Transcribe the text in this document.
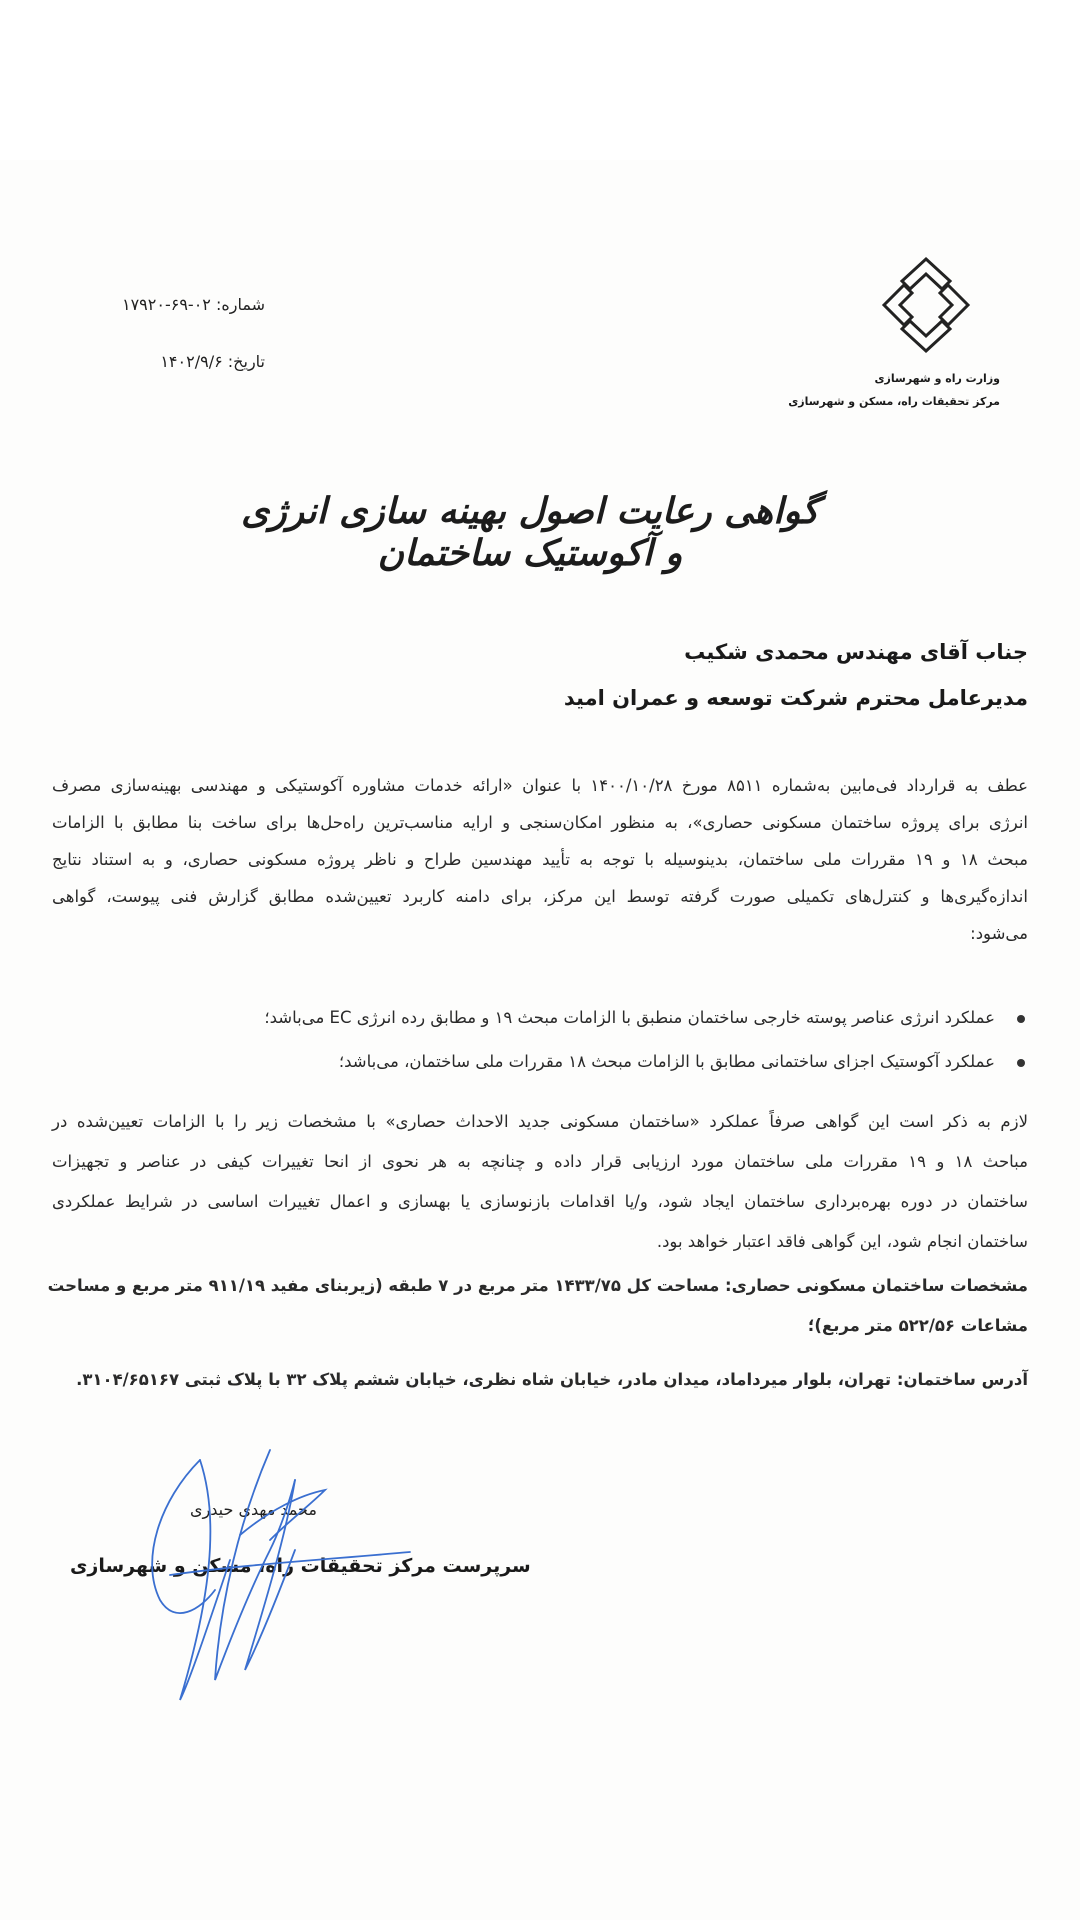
وزارت راه و شهرسازی
مرکز تحقیقات راه، مسکن و شهرسازی
شماره: ۰۲-۶۹-۱۷۹۲۰
تاریخ: ۱۴۰۲/۹/۶
گواهی رعایت اصول بهینه سازی انرژی و آکوستیک ساختمان
جناب آقای مهندس محمدی شکیب
مدیرعامل محترم شرکت توسعه و عمران امید
عطف به قرارداد فی‌مابین به‌شماره ۸۵۱۱ مورخ ۱۴۰۰/۱۰/۲۸ با عنوان «ارائه خدمات مشاوره آکوستیکی و مهندسی بهینه‌سازی مصرف
انرژی برای پروژه ساختمان مسکونی حصاری»، به منظور امکان‌سنجی و ارایه مناسب‌ترین راه‌حل‌ها برای ساخت بنا مطابق با الزامات
مبحث ۱۸ و ۱۹ مقررات ملی ساختمان، بدینوسیله با توجه به تأیید مهندسین طراح و ناظر پروژه مسکونی حصاری، و به استناد نتایج
اندازه‌گیری‌ها و کنترل‌های تکمیلی صورت گرفته توسط این مرکز، برای دامنه کاربرد تعیین‌شده مطابق گزارش فنی پیوست، گواهی
می‌شود:
عملکرد انرژی عناصر پوسته خارجی ساختمان منطبق با الزامات مبحث ۱۹ و مطابق رده انرژی EC می‌باشد؛
عملکرد آکوستیک اجزای ساختمانی مطابق با الزامات مبحث ۱۸ مقررات ملی ساختمان، می‌باشد؛
لازم به ذکر است این گواهی صرفاً عملکرد «ساختمان مسکونی جدید الاحداث حصاری» با مشخصات زیر را با الزامات تعیین‌شده در
مباحث ۱۸ و ۱۹ مقررات ملی ساختمان مورد ارزیابی قرار داده و چنانچه به هر نحوی از انحا تغییرات کیفی در عناصر و تجهیزات
ساختمان در دوره بهره‌برداری ساختمان ایجاد شود، و/یا اقدامات بازنوسازی یا بهسازی و اعمال تغییرات اساسی در شرایط عملکردی
ساختمان انجام شود، این گواهی فاقد اعتبار خواهد بود.
مشخصات ساختمان مسکونی حصاری: مساحت کل ۱۴۳۳/۷۵ متر مربع در ۷ طبقه (زیربنای مفید ۹۱۱/۱۹ متر مربع و مساحت
مشاعات ۵۲۲/۵۶ متر مربع)؛
آدرس ساختمان: تهران، بلوار میرداماد، میدان مادر، خیابان شاه نظری، خیابان ششم پلاک ۳۲ با پلاک ثبتی ۳۱۰۴/۶۵۱۶۷.
محمد مهدی حیدری
سرپرست مرکز تحقیقات راه، مسکن و شهرسازی
